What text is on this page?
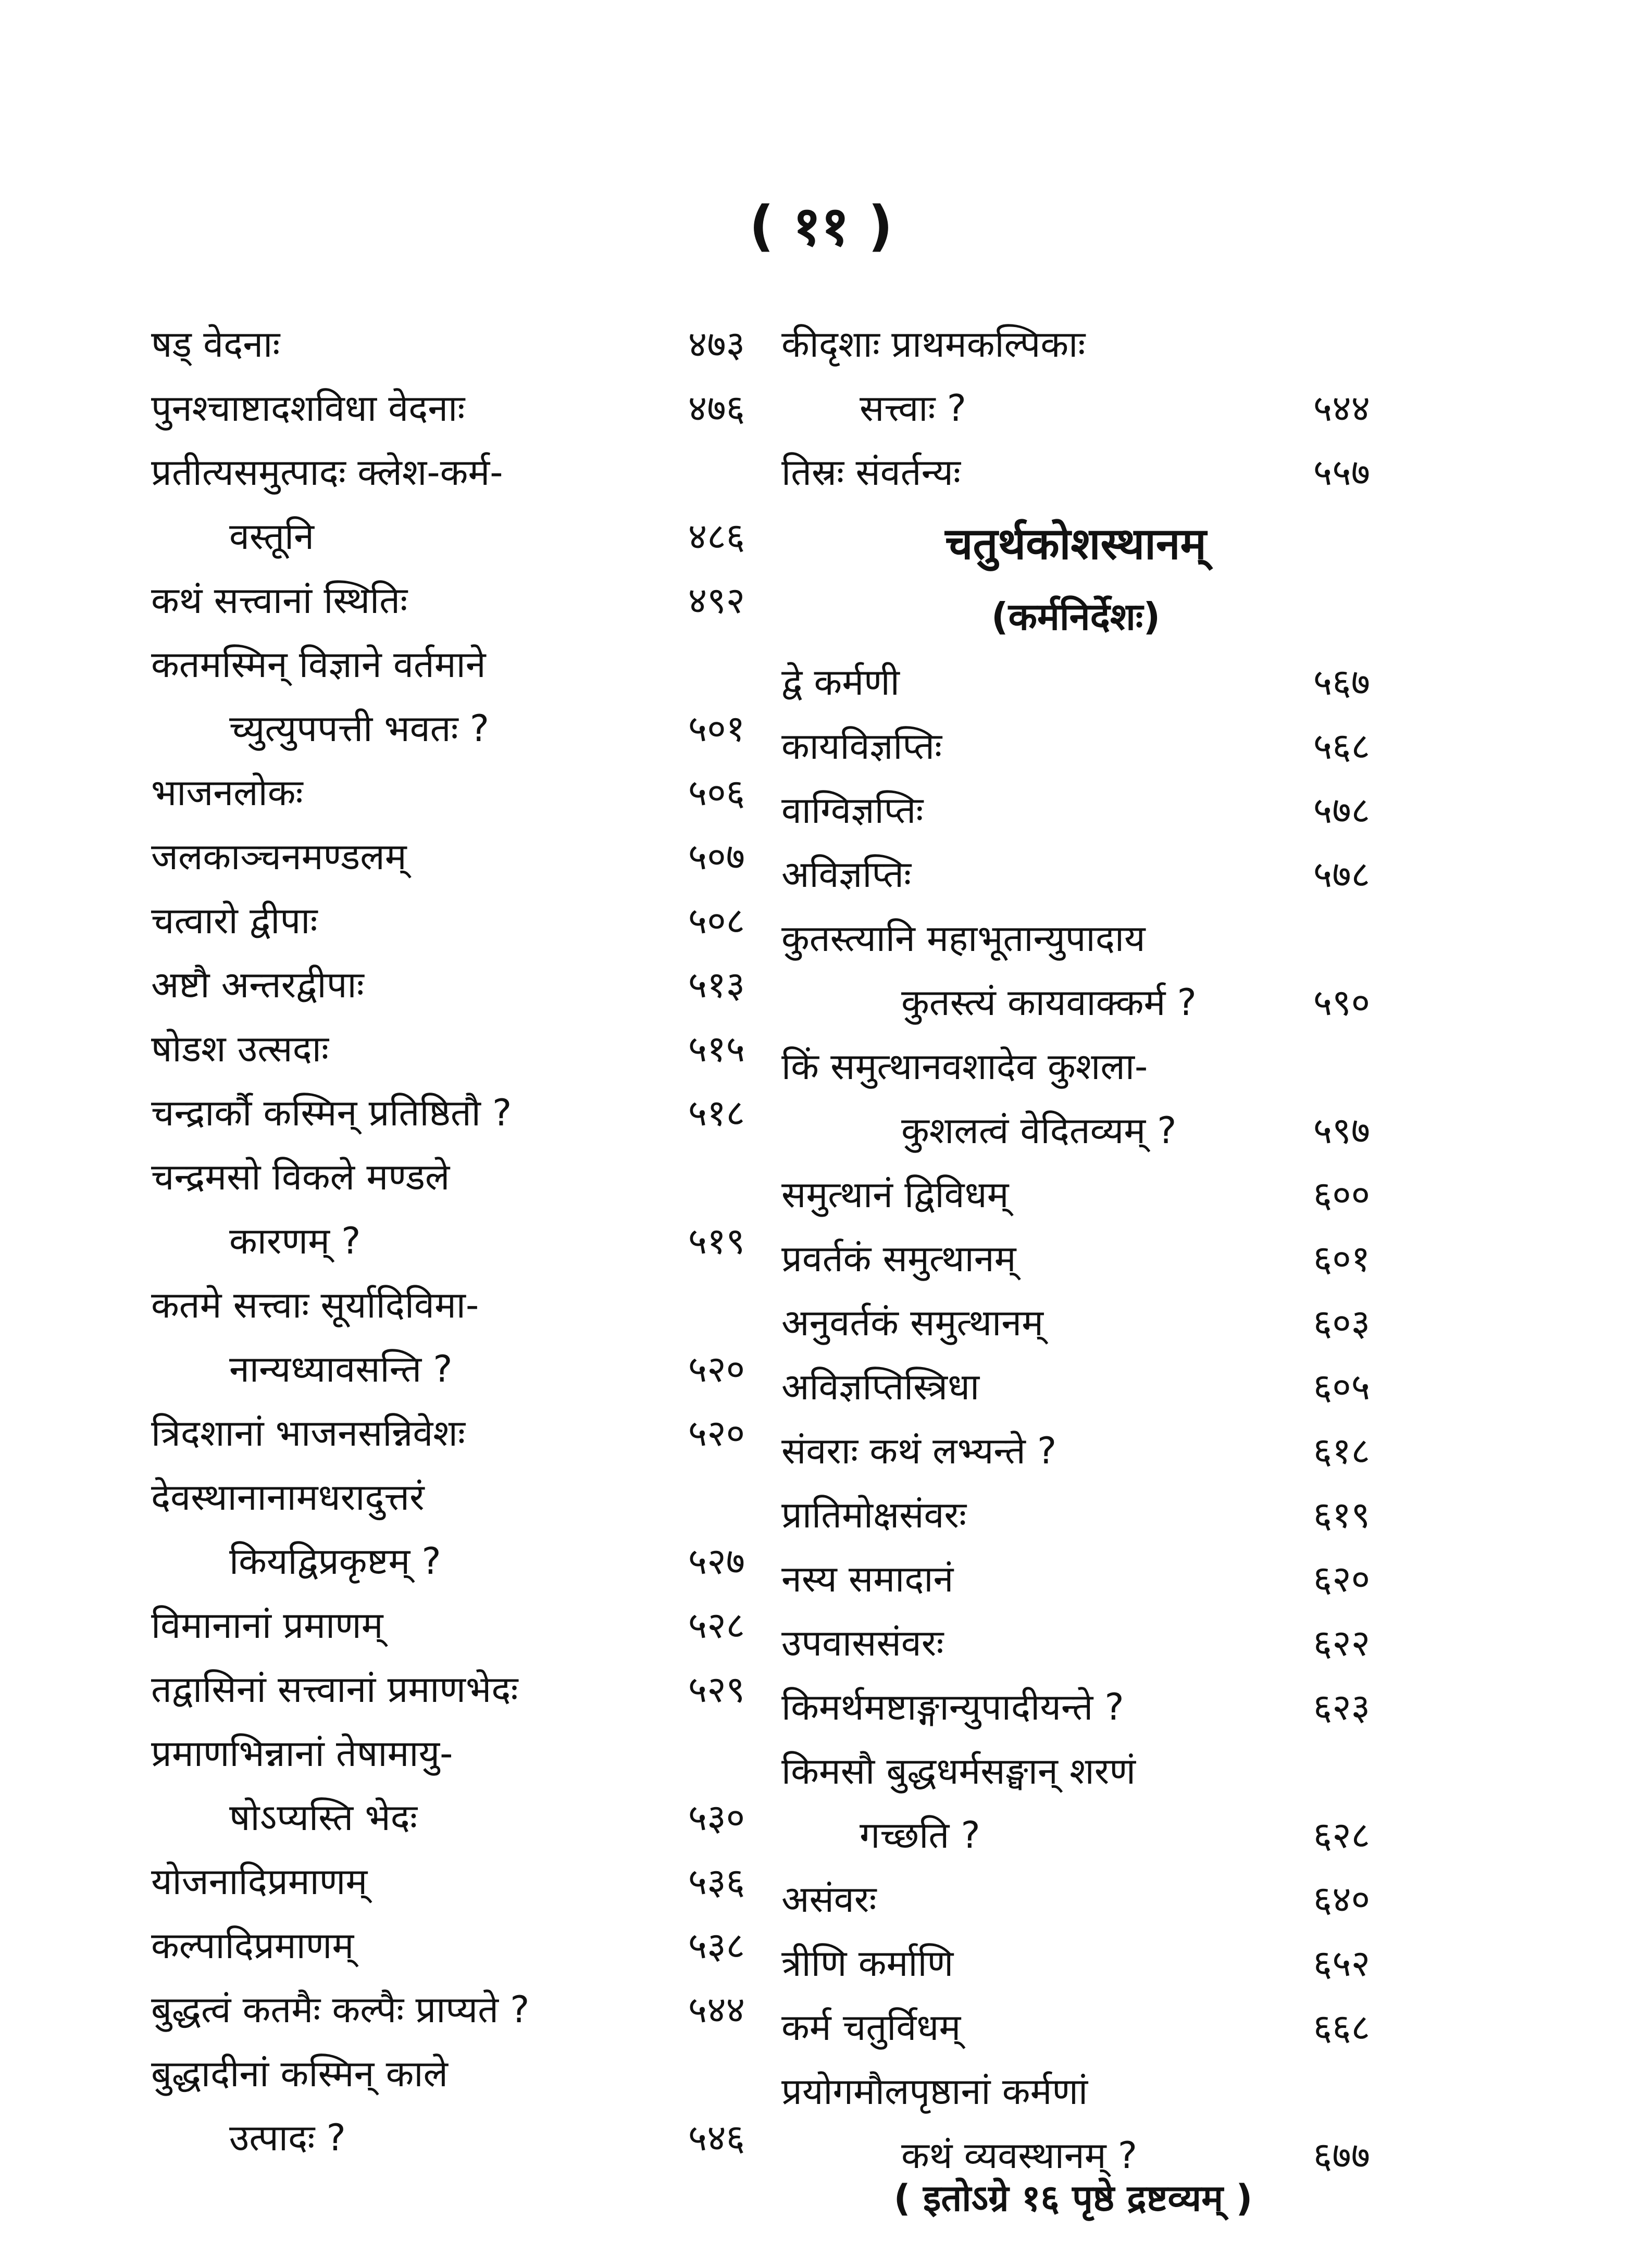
( ११ )
षड् वेदनाः	४७३
पुनश्चाष्टादशविधा वेदनाः	४७६
प्रतीत्यसमुत्पादः क्लेश-कर्म-
वस्तूनि	४८६
कथं सत्त्वानां स्थितिः	४९२
कतमस्मिन् विज्ञाने वर्तमाने
च्युत्युपपत्ती भवतः ?	५०१
भाजनलोकः	५०६
जलकाञ्चनमण्डलम्	५०७
चत्वारो द्वीपाः	५०८
अष्टौ अन्तरद्वीपाः	५१३
षोडश उत्सदाः	५१५
चन्द्रार्कौ कस्मिन् प्रतिष्ठितौ ?	५१८
चन्द्रमसो विकले मण्डले
कारणम् ?	५१९
कतमे सत्त्वाः सूर्यादिविमा-
नान्यध्यावसन्ति ?	५२०
त्रिदशानां भाजनसन्निवेशः	५२०
देवस्थानानामधरादुत्तरं
कियद्विप्रकृष्टम् ?	५२७
विमानानां प्रमाणम्	५२८
तद्वासिनां सत्त्वानां प्रमाणभेदः	५२९
प्रमाणभिन्नानां तेषामायु-
षोऽप्यस्ति भेदः	५३०
योजनादिप्रमाणम्	५३६
कल्पादिप्रमाणम्	५३८
बुद्धत्वं कतमैः कल्पैः प्राप्यते ?	५४४
बुद्धादीनां कस्मिन् काले
उत्पादः ?	५४६
कीदृशाः प्राथमकल्पिकाः
सत्त्वाः ?	५४४
तिस्रः संवर्तन्यः	५५७
चतुर्थकोशस्थानम्
(कर्मनिर्देशः)
द्वे कर्मणी	५६७
कायविज्ञप्तिः	५६८
वाग्विज्ञप्तिः	५७८
अविज्ञप्तिः	५७८
कुतस्त्यानि महाभूतान्युपादाय
कुतस्त्यं कायवाक्कर्म ?	५९०
किं समुत्थानवशादेव कुशला-
कुशलत्वं वेदितव्यम् ?	५९७
समुत्थानं द्विविधम्	६००
प्रवर्तकं समुत्थानम्	६०१
अनुवर्तकं समुत्थानम्	६०३
अविज्ञप्तिस्त्रिधा	६०५
संवराः कथं लभ्यन्ते ?	६१८
प्रातिमोक्षसंवरः	६१९
नस्य समादानं	६२०
उपवाससंवरः	६२२
किमर्थमष्टाङ्गान्युपादीयन्ते ?	६२३
किमसौ बुद्धधर्मसङ्घान् शरणं
गच्छति ?	६२८
असंवरः	६४०
त्रीणि कर्माणि	६५२
कर्म चतुर्विधम्	६६८
प्रयोगमौलपृष्ठानां कर्मणां
कथं व्यवस्थानम् ?	६७७
( इतोऽग्रे १६ पृष्ठे द्रष्टव्यम् )
